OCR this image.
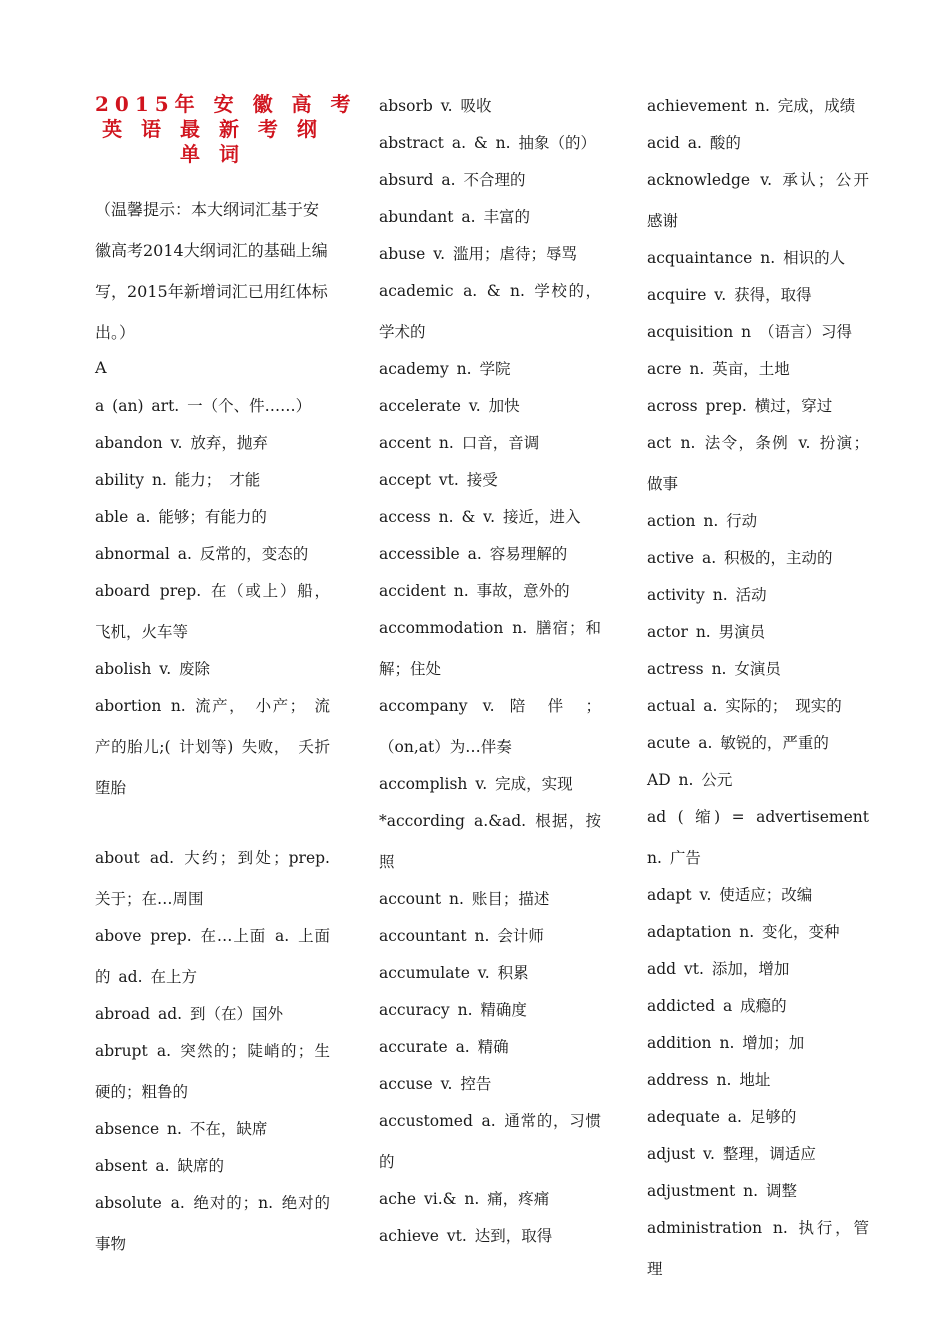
2015年 安 徽 高 考
英 语 最 新 考 纲
单 词
（温馨提示：本大纲词汇基于安徽高考2014大纲词汇的基础上编写，2015年新增词汇已用红体标出。）
A
a (an) art. 一（个、件……）
abandon v. 放弃，抛弃
ability n. 能力； 才能
able a. 能够；有能力的
abnormal a. 反常的，变态的
aboard prep. 在（或上）船，飞机，火车等
abolish v. 废除
abortion n. 流产， 小产； 流产的胎儿;( 计划等) 失败， 夭折堕胎
about ad. 大约；到处；prep. 关于；在…周围
above prep. 在…上面 a. 上面的 ad. 在上方
abroad ad. 到（在）国外
abrupt a. 突然的；陡峭的；生硬的；粗鲁的
absence n. 不在，缺席
absent a. 缺席的
absolute a. 绝对的；n. 绝对的事物
absorb v. 吸收
abstract a. & n. 抽象（的）
absurd a. 不合理的
abundant a. 丰富的
abuse v. 滥用；虐待；辱骂
academic a. & n. 学校的，学术的
academy n. 学院
accelerate v. 加快
accent n. 口音，音调
accept vt. 接受
access n. & v. 接近，进入
accessible a. 容易理解的
accident n. 事故，意外的
accommodation n. 膳宿；和解；住处
accompany v. 陪 伴 ；（on,at）为…伴奏
accomplish v. 完成，实现
*according a.&ad. 根据，按照
account n. 账目；描述
accountant n. 会计师
accumulate v. 积累
accuracy n. 精确度
accurate a. 精确
accuse v. 控告
accustomed a. 通常的，习惯的
ache vi.& n. 痛，疼痛
achieve vt. 达到，取得
achievement n. 完成，成绩
acid a. 酸的
acknowledge v. 承认；公开感谢
acquaintance n. 相识的人
acquire v. 获得，取得
acquisition n （语言）习得
acre n. 英亩，土地
across prep. 横过，穿过
act n. 法令，条例 v. 扮演；做事
action n. 行动
active a. 积极的，主动的
activity n. 活动
actor n. 男演员
actress n. 女演员
actual a. 实际的； 现实的
acute a. 敏锐的，严重的
AD n. 公元
ad ( 缩) = advertisement n. 广告
adapt v. 使适应；改编
adaptation n. 变化，变种
add vt. 添加，增加
addicted a 成瘾的
addition n. 增加；加
address n. 地址
adequate a. 足够的
adjust v. 整理，调适应
adjustment n. 调整
administration n. 执行，管理
